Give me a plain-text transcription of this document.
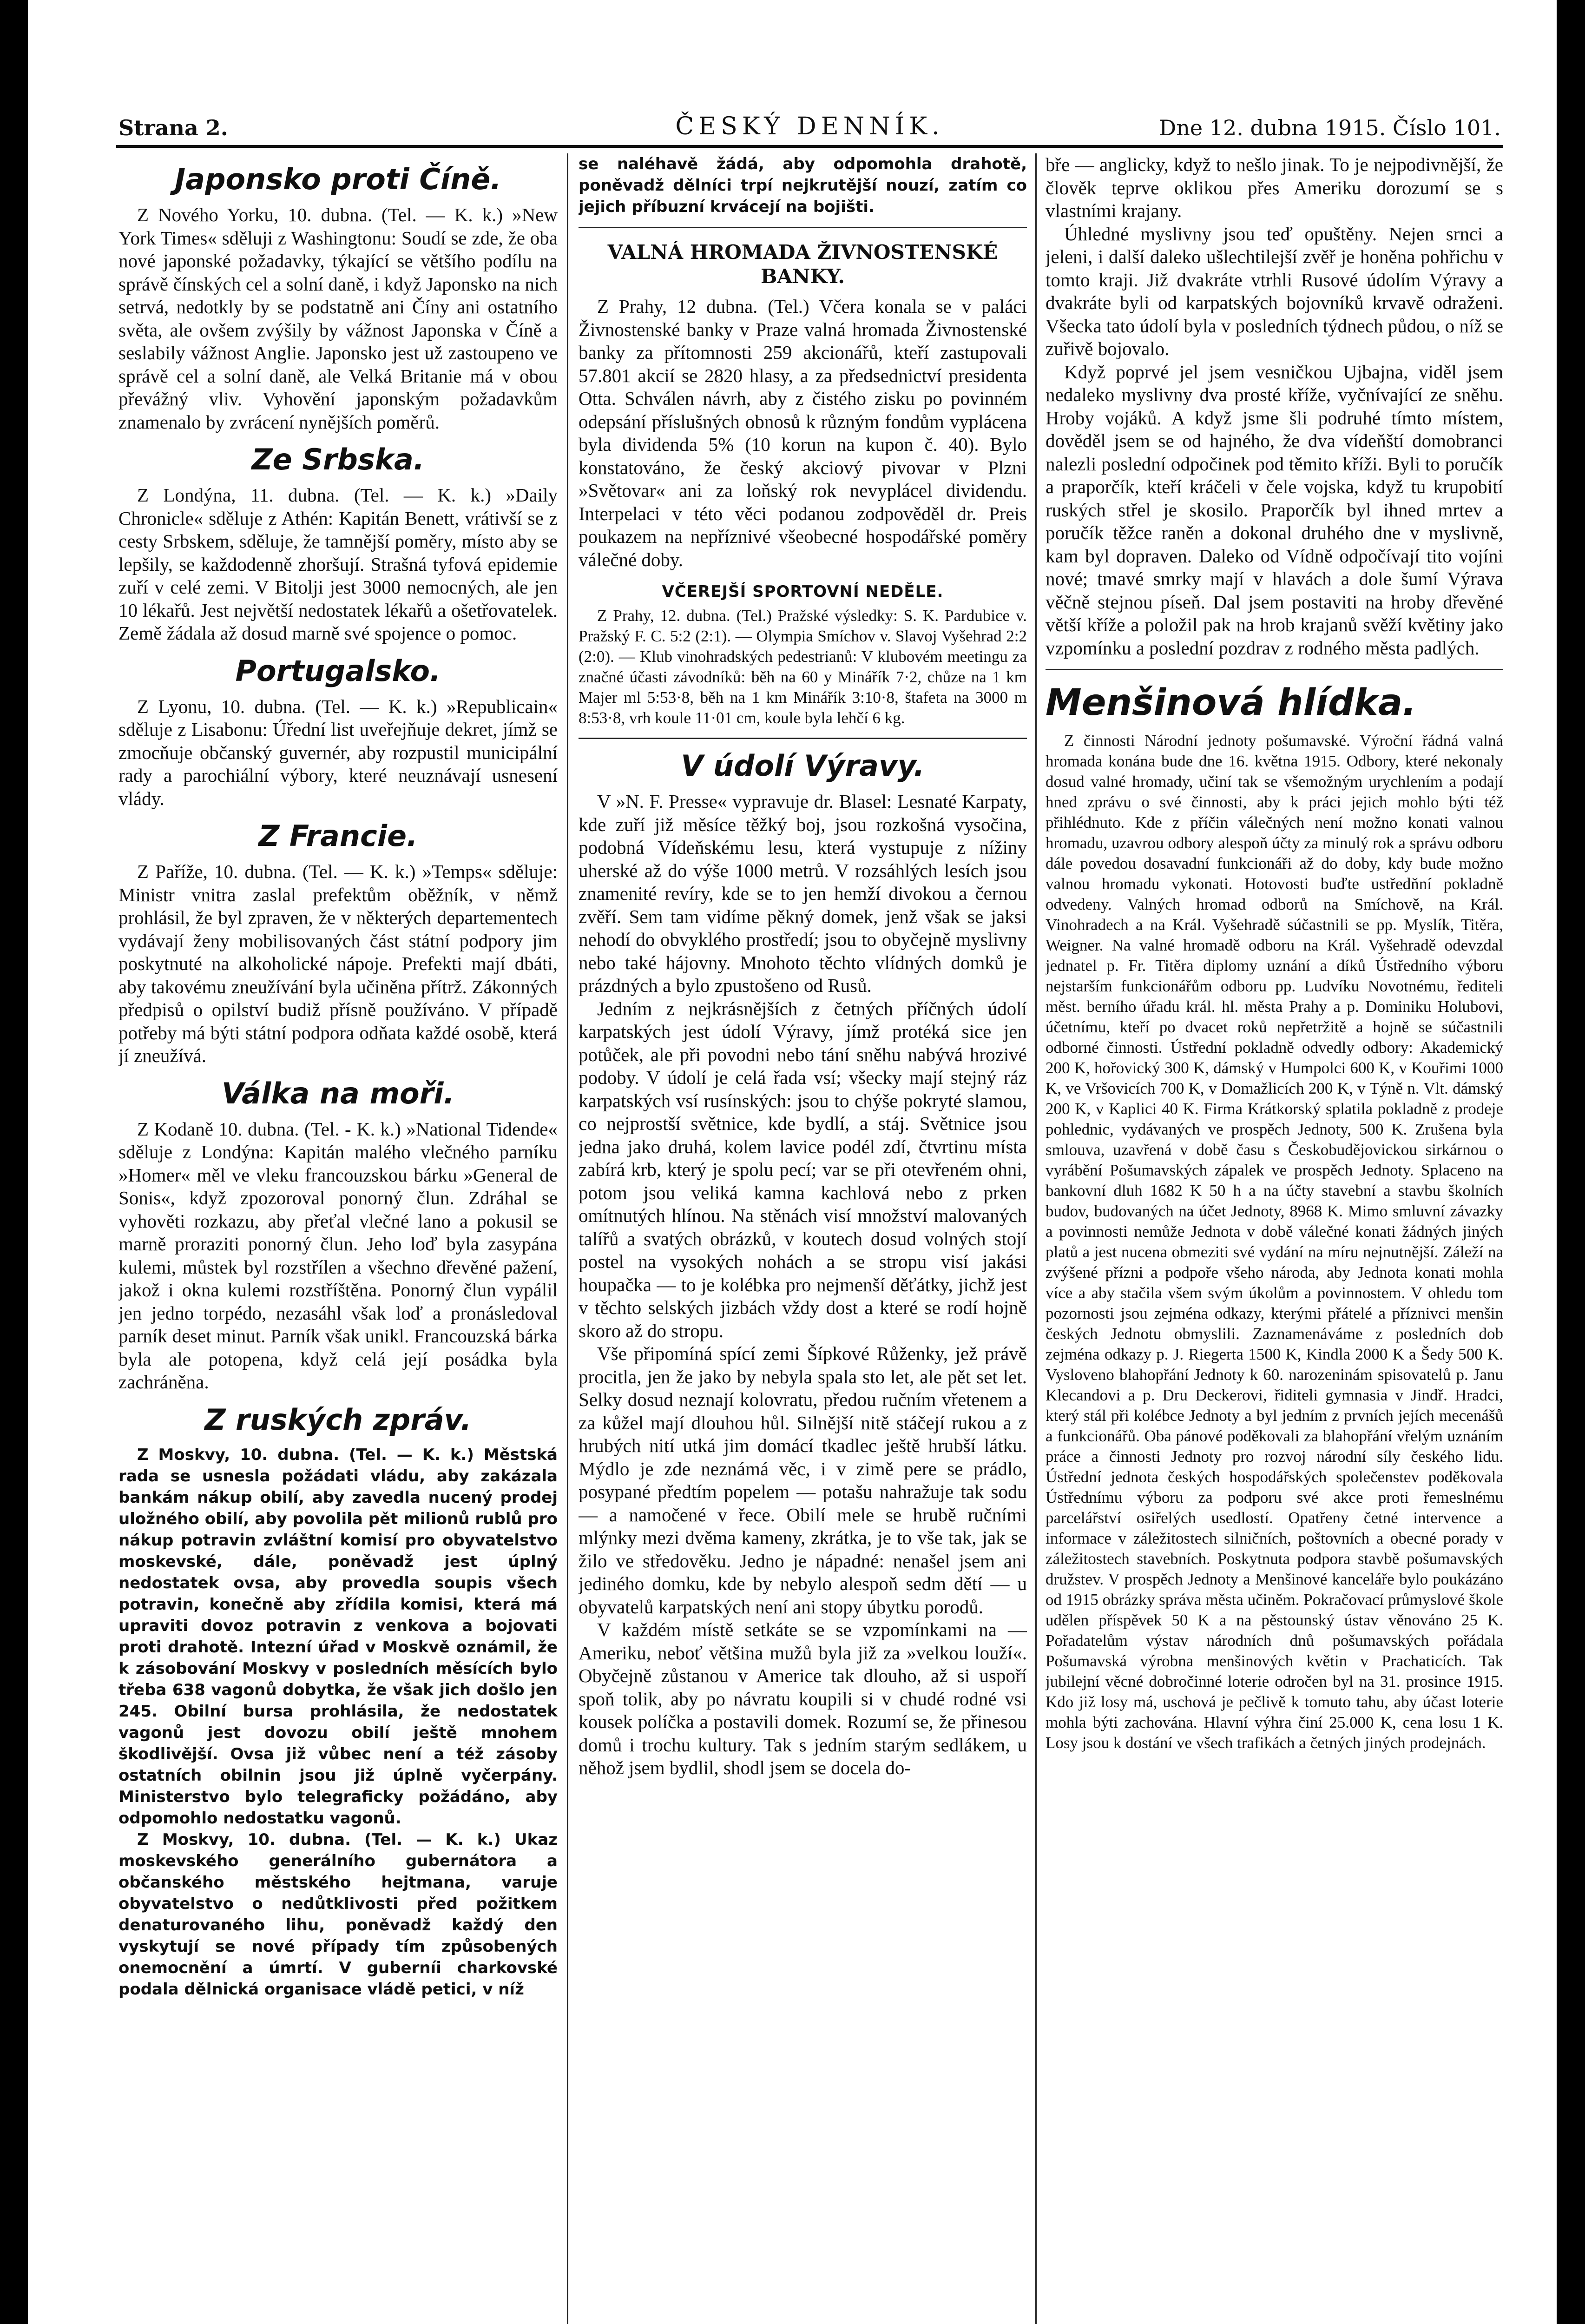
Strana 2.	ČESKÝ DENNÍK.	Dne 12. dubna 1915. Číslo 101.
Japonsko proti Číně.

Z Nového Yorku, 10. dubna. (Tel. — K. k.) »New York Times« sděluji z Washingtonu: Soudí se zde, že oba nové japonské požadavky, týkající se většího podílu na správě čínských cel a solní daně, i když Japonsko na nich setrvá, nedotkly by se podstatně ani Číny ani ostatního světa, ale ovšem zvýšily by vážnost Japonska v Číně a seslabily vážnost Anglie. Japonsko jest už zastoupeno ve správě cel a solní daně, ale Velká Britanie má v obou převážný vliv. Vyhovění japonským požadavkům znamenalo by zvrácení nynějších poměrů.

Ze Srbska.

Z Londýna, 11. dubna. (Tel. — K. k.) »Daily Chronicle« sděluje z Athén: Kapitán Benett, vrátivší se z cesty Srbskem, sděluje, že tamnější poměry, místo aby se lepšily, se každodenně zhoršují. Strašná tyfová epidemie zuří v celé zemi. V Bitolji jest 3000 nemocných, ale jen 10 lékařů. Jest největší nedostatek lékařů a ošetřovatelek. Země žádala až dosud marně své spojence o pomoc.

Portugalsko.

Z Lyonu, 10. dubna. (Tel. — K. k.) »Republicain« sděluje z Lisabonu: Úřední list uveřejňuje dekret, jímž se zmocňuje občanský guvernér, aby rozpustil municipální rady a parochiální výbory, které neuznávají usnesení vlády.

Z Francie.

Z Paříže, 10. dubna. (Tel. — K. k.) »Temps« sděluje: Ministr vnitra zaslal prefektům oběžník, v němž prohlásil, že byl zpraven, že v některých departementech vydávají ženy mobilisovaných část státní podpory jim poskytnuté na alkoholické nápoje. Prefekti mají dbáti, aby takovému zneužívání byla učiněna přítrž. Zákonných předpisů o opilství budiž přísně používáno. V případě potřeby má býti státní podpora odňata každé osobě, která jí zneužívá.

Válka na moři.

Z Kodaně 10. dubna. (Tel. - K. k.) »National Tidende« sděluje z Londýna: Kapitán malého vlečného parníku »Homer« měl ve vleku francouzskou bárku »General de Sonis«, když zpozoroval ponorný člun. Zdráhal se vyhověti rozkazu, aby přeťal vlečné lano a pokusil se marně proraziti ponorný člun. Jeho loď byla zasypána kulemi, můstek byl rozstřílen a všechno dřevěné pažení, jakož i okna kulemi rozstříštěna. Ponorný člun vypálil jen jedno torpédo, nezasáhl však loď a pronásledoval parník deset minut. Parník však unikl. Francouzská bárka byla ale potopena, když celá její posádka byla zachráněna.

Z ruských zpráv.

Z Moskvy, 10. dubna. (Tel. — K. k.) Městská rada se usnesla požádati vládu, aby zakázala bankám nákup obilí, aby zavedla nucený prodej uložného obilí, aby povolila pět milionů rublů pro nákup potravin zvláštní komisí pro obyvatelstvo moskevské, dále, poněvadž jest úplný nedostatek ovsa, aby provedla soupis všech potravin, konečně aby zřídila komisi, která má upraviti dovoz potravin z venkova a bojovati proti drahotě. Intezní úřad v Moskvě oznámil, že k zásobování Moskvy v posledních měsících bylo třeba 638 vagonů dobytka, že však jich došlo jen 245. Obilní bursa prohlásila, že nedostatek vagonů jest dovozu obilí ještě mnohem škodlivější. Ovsa již vůbec není a též zásoby ostatních obilnin jsou již úplně vyčerpány. Ministerstvo bylo telegraficky požádáno, aby odpomohlo nedostatku vagonů.

Z Moskvy, 10. dubna. (Tel. — K. k.) Ukaz moskevského generálního gubernátora a občanského městského hejtmana, varuje obyvatelstvo o nedůtklivosti před požitkem denaturovaného lihu, poněvadž každý den vyskytují se nové případy tím způsobených onemocnění a úmrtí. V guberníi charkovské podala dělnická organisace vládě petici, v níž

se naléhavě žádá, aby odpomohla drahotě, poněvadž dělníci trpí nejkrutější nouzí, zatím co jejich příbuzní krvácejí na bojišti.

VALNÁ HROMADA ŽIVNOSTENSKÉ BANKY.

Z Prahy, 12 dubna. (Tel.) Včera konala se v paláci Živnostenské banky v Praze valná hromada Živnostenské banky za přítomnosti 259 akcionářů, kteří zastupovali 57.801 akcií se 2820 hlasy, a za předsednictví presidenta Otta. Schválen návrh, aby z čistého zisku po povinném odepsání příslušných obnosů k různým fondům vyplácena byla dividenda 5% (10 korun na kupon č. 40). Bylo konstatováno, že český akciový pivovar v Plzni »Světovar« ani za loňský rok nevyplácel dividendu. Interpelaci v této věci podanou zodpověděl dr. Preis poukazem na nepříznivé všeobecné hospodářské poměry válečné doby.

VČEREJŠÍ SPORTOVNÍ NEDĚLE.

Z Prahy, 12. dubna. (Tel.) Pražské výsledky: S. K. Pardubice v. Pražský F. C. 5:2 (2:1). — Olympia Smíchov v. Slavoj Vyšehrad 2:2 (2:0). — Klub vinohradských pedestrianů: V klubovém meetingu za značné účasti závodníků: běh na 60 y Minářík 7·2, chůze na 1 km Majer ml 5:53·8, běh na 1 km Minářík 3:10·8, štafeta na 3000 m 8:53·8, vrh koule 11·01 cm, koule byla lehčí 6 kg.

V údolí Výravy.

V »N. F. Presse« vypravuje dr. Blasel: Lesnaté Karpaty, kde zuří již měsíce těžký boj, jsou rozkošná vysočina, podobná Vídeňskému lesu, která vystupuje z nížiny uherské až do výše 1000 metrů. V rozsáhlých lesích jsou znamenité revíry, kde se to jen hemží divokou a černou zvěří. Sem tam vidíme pěkný domek, jenž však se jaksi nehodí do obvyklého prostředí; jsou to obyčejně myslivny nebo také hájovny. Mnohoto těchto vlídných domků je prázdných a bylo zpustošeno od Rusů.

Jedním z nejkrásnějších z četných příčných údolí karpatských jest údolí Výravy, jímž protéká sice jen potůček, ale při povodni nebo tání sněhu nabývá hrozivé podoby. V údolí je celá řada vsí; všecky mají stejný ráz karpatských vsí rusínských: jsou to chýše pokryté slamou, co nejprostší světnice, kde bydlí, a stáj. Světnice jsou jedna jako druhá, kolem lavice podél zdí, čtvrtinu místa zabírá krb, který je spolu pecí; var se při otevřeném ohni, potom jsou veliká kamna kachlová nebo z prken omítnutých hlínou. Na stěnách visí množství malovaných talířů a svatých obrázků, v koutech dosud volných stojí postel na vysokých nohách a se stropu visí jakási houpačka — to je kolébka pro nejmenší děťátky, jichž jest v těchto selských jizbách vždy dost a které se rodí hojně skoro až do stropu.

Vše připomíná spící zemi Šípkové Růženky, jež právě procitla, jen že jako by nebyla spala sto let, ale pět set let. Selky dosud neznají kolovratu, předou ručním vřetenem a za kůžel mají dlouhou hůl. Silnější nitě stáčejí rukou a z hrubých nití utká jim domácí tkadlec ještě hrubší látku. Mýdlo je zde neznámá věc, i v zimě pere se prádlo, posypané předtím popelem — potašu nahražuje tak sodu — a namočené v řece. Obilí mele se hrubě ručními mlýnky mezi dvěma kameny, zkrátka, je to vše tak, jak se žilo ve středověku. Jedno je nápadné: nenašel jsem ani jediného domku, kde by nebylo alespoň sedm dětí — u obyvatelů karpatských není ani stopy úbytku porodů.

V každém místě setkáte se se vzpomínkami na — Ameriku, neboť většina mužů byla již za »velkou louží«. Obyčejně zůstanou v Americe tak dlouho, až si uspoří spoň tolik, aby po návratu koupili si v chudé rodné vsi kousek políčka a postavili domek. Rozumí se, že přinesou domů i trochu kultury. Tak s jedním starým sedlákem, u něhož jsem bydlil, shodl jsem se docela do-

bře — anglicky, když to nešlo jinak. To je nejpodivnější, že člověk teprve oklikou přes Ameriku dorozumí se s vlastními krajany.

Úhledné myslivny jsou teď opuštěny. Nejen srnci a jeleni, i další daleko ušlechtilejší zvěř je honěna pohřichu v tomto kraji. Již dvakráte vtrhli Rusové údolím Výravy a dvakráte byli od karpatských bojovníků krvavě odraženi. Všecka tato údolí byla v posledních týdnech půdou, o níž se zuřivě bojovalo.

Když poprvé jel jsem vesničkou Ujbajna, viděl jsem nedaleko myslivny dva prosté kříže, vyčnívající ze sněhu. Hroby vojáků. A když jsme šli podruhé tímto místem, dověděl jsem se od hajného, že dva vídeňští domobranci nalezli poslední odpočinek pod těmito kříži. Byli to poručík a praporčík, kteří kráčeli v čele vojska, když tu krupobití ruských střel je skosilo. Praporčík byl ihned mrtev a poručík těžce raněn a dokonal druhého dne v myslivně, kam byl dopraven. Daleko od Vídně odpočívají tito vojíni nové; tmavé smrky mají v hlavách a dole šumí Výrava věčně stejnou píseň. Dal jsem postaviti na hroby dřevěné větší kříže a položil pak na hrob krajanů svěží květiny jako vzpomínku a poslední pozdrav z rodného města padlých.

Menšinová hlídka.

Z činnosti Národní jednoty pošumavské. Výroční řádná valná hromada konána bude dne 16. května 1915. Odbory, které nekonaly dosud valné hromady, učiní tak se všemožným urychlením a podají hned zprávu o své činnosti, aby k práci jejich mohlo býti též přihlédnuto. Kde z příčin válečných není možno konati valnou hromadu, uzavrou odbory alespoň účty za minulý rok a správu odboru dále povedou dosavadní funkcionáři až do doby, kdy bude možno valnou hromadu vykonati. Hotovosti buďte ustředňní pokladně odvedeny. Valných hromad odborů na Smíchově, na Král. Vinohradech a na Král. Vyšehradě súčastnili se pp. Myslík, Titěra, Weigner. Na valné hromadě odboru na Král. Vyšehradě odevzdal jednatel p. Fr. Titěra diplomy uznání a díků Ústředního výboru nejstarším funkcionářům odboru pp. Ludvíku Novotnému, řediteli měst. berního úřadu král. hl. města Prahy a p. Dominiku Holubovi, účetnímu, kteří po dvacet roků nepřetržitě a hojně se súčastnili odborné činnosti. Ústřední pokladně odvedly odbory: Akademický 200 K, hořovický 300 K, dámský v Humpolci 600 K, v Kouřimi 1000 K, ve Vršovicích 700 K, v Domažlicích 200 K, v Týně n. Vlt. dámský 200 K, v Kaplici 40 K. Firma Krátkorský splatila pokladně z prodeje pohlednic, vydávaných ve prospěch Jednoty, 500 K. Zrušena byla smlouva, uzavřená v době času s Českobudějovickou sirkárnou o vyrábění Pošumavských zápalek ve prospěch Jednoty. Splaceno na bankovní dluh 1682 K 50 h a na účty stavební a stavbu školních budov, budovaných na účet Jednoty, 8968 K. Mimo smluvní závazky a povinnosti nemůže Jednota v době válečné konati žádných jiných platů a jest nucena obmeziti své vydání na míru nejnutnější. Záleží na zvýšené přízni a podpoře všeho národa, aby Jednota konati mohla více a aby stačila všem svým úkolům a povinnostem. V ohledu tom pozornosti jsou zejména odkazy, kterými přátelé a příznivci menšin českých Jednotu obmyslili. Zaznamenáváme z posledních dob zejména odkazy p. J. Riegerta 1500 K, Kindla 2000 K a Šedy 500 K. Vysloveno blahopřání Jednoty k 60. narozeninám spisovatelů p. Janu Klecandovi a p. Dru Deckerovi, řiditeli gymnasia v Jindř. Hradci, který stál při kolébce Jednoty a byl jedním z prvních jejích mecenášů a funkcionářů. Oba pánové poděkovali za blahopřání vřelým uznáním práce a činnosti Jednoty pro rozvoj národní síly českého lidu. Ústřední jednota českých hospodářských společenstev poděkovala Ústřednímu výboru za podporu své akce proti řemeslnému parcelářství osiřelých usedlostí. Opatřeny četné intervence a informace v záležitostech silničních, poštovních a obecné porady v záležitostech stavebních. Poskytnuta podpora stavbě pošumavských družstev. V prospěch Jednoty a Menšinové kanceláře bylo poukázáno od 1915 obrázky správa města učiněm. Pokračovací průmyslové škole udělen příspěvek 50 K a na pěstounský ústav věnováno 25 K. Pořadatelům výstav národních dnů pošumavských pořádala Pošumavská výrobna menšinových květin v Prachaticích. Tak jubilejní věcné dobročinné loterie odročen byl na 31. prosince 1915. Kdo již losy má, uschová je pečlivě k tomuto tahu, aby účast loterie mohla býti zachována. Hlavní výhra činí 25.000 K, cena losu 1 K. Losy jsou k dostání ve všech trafikách a četných jiných prodejnách.
